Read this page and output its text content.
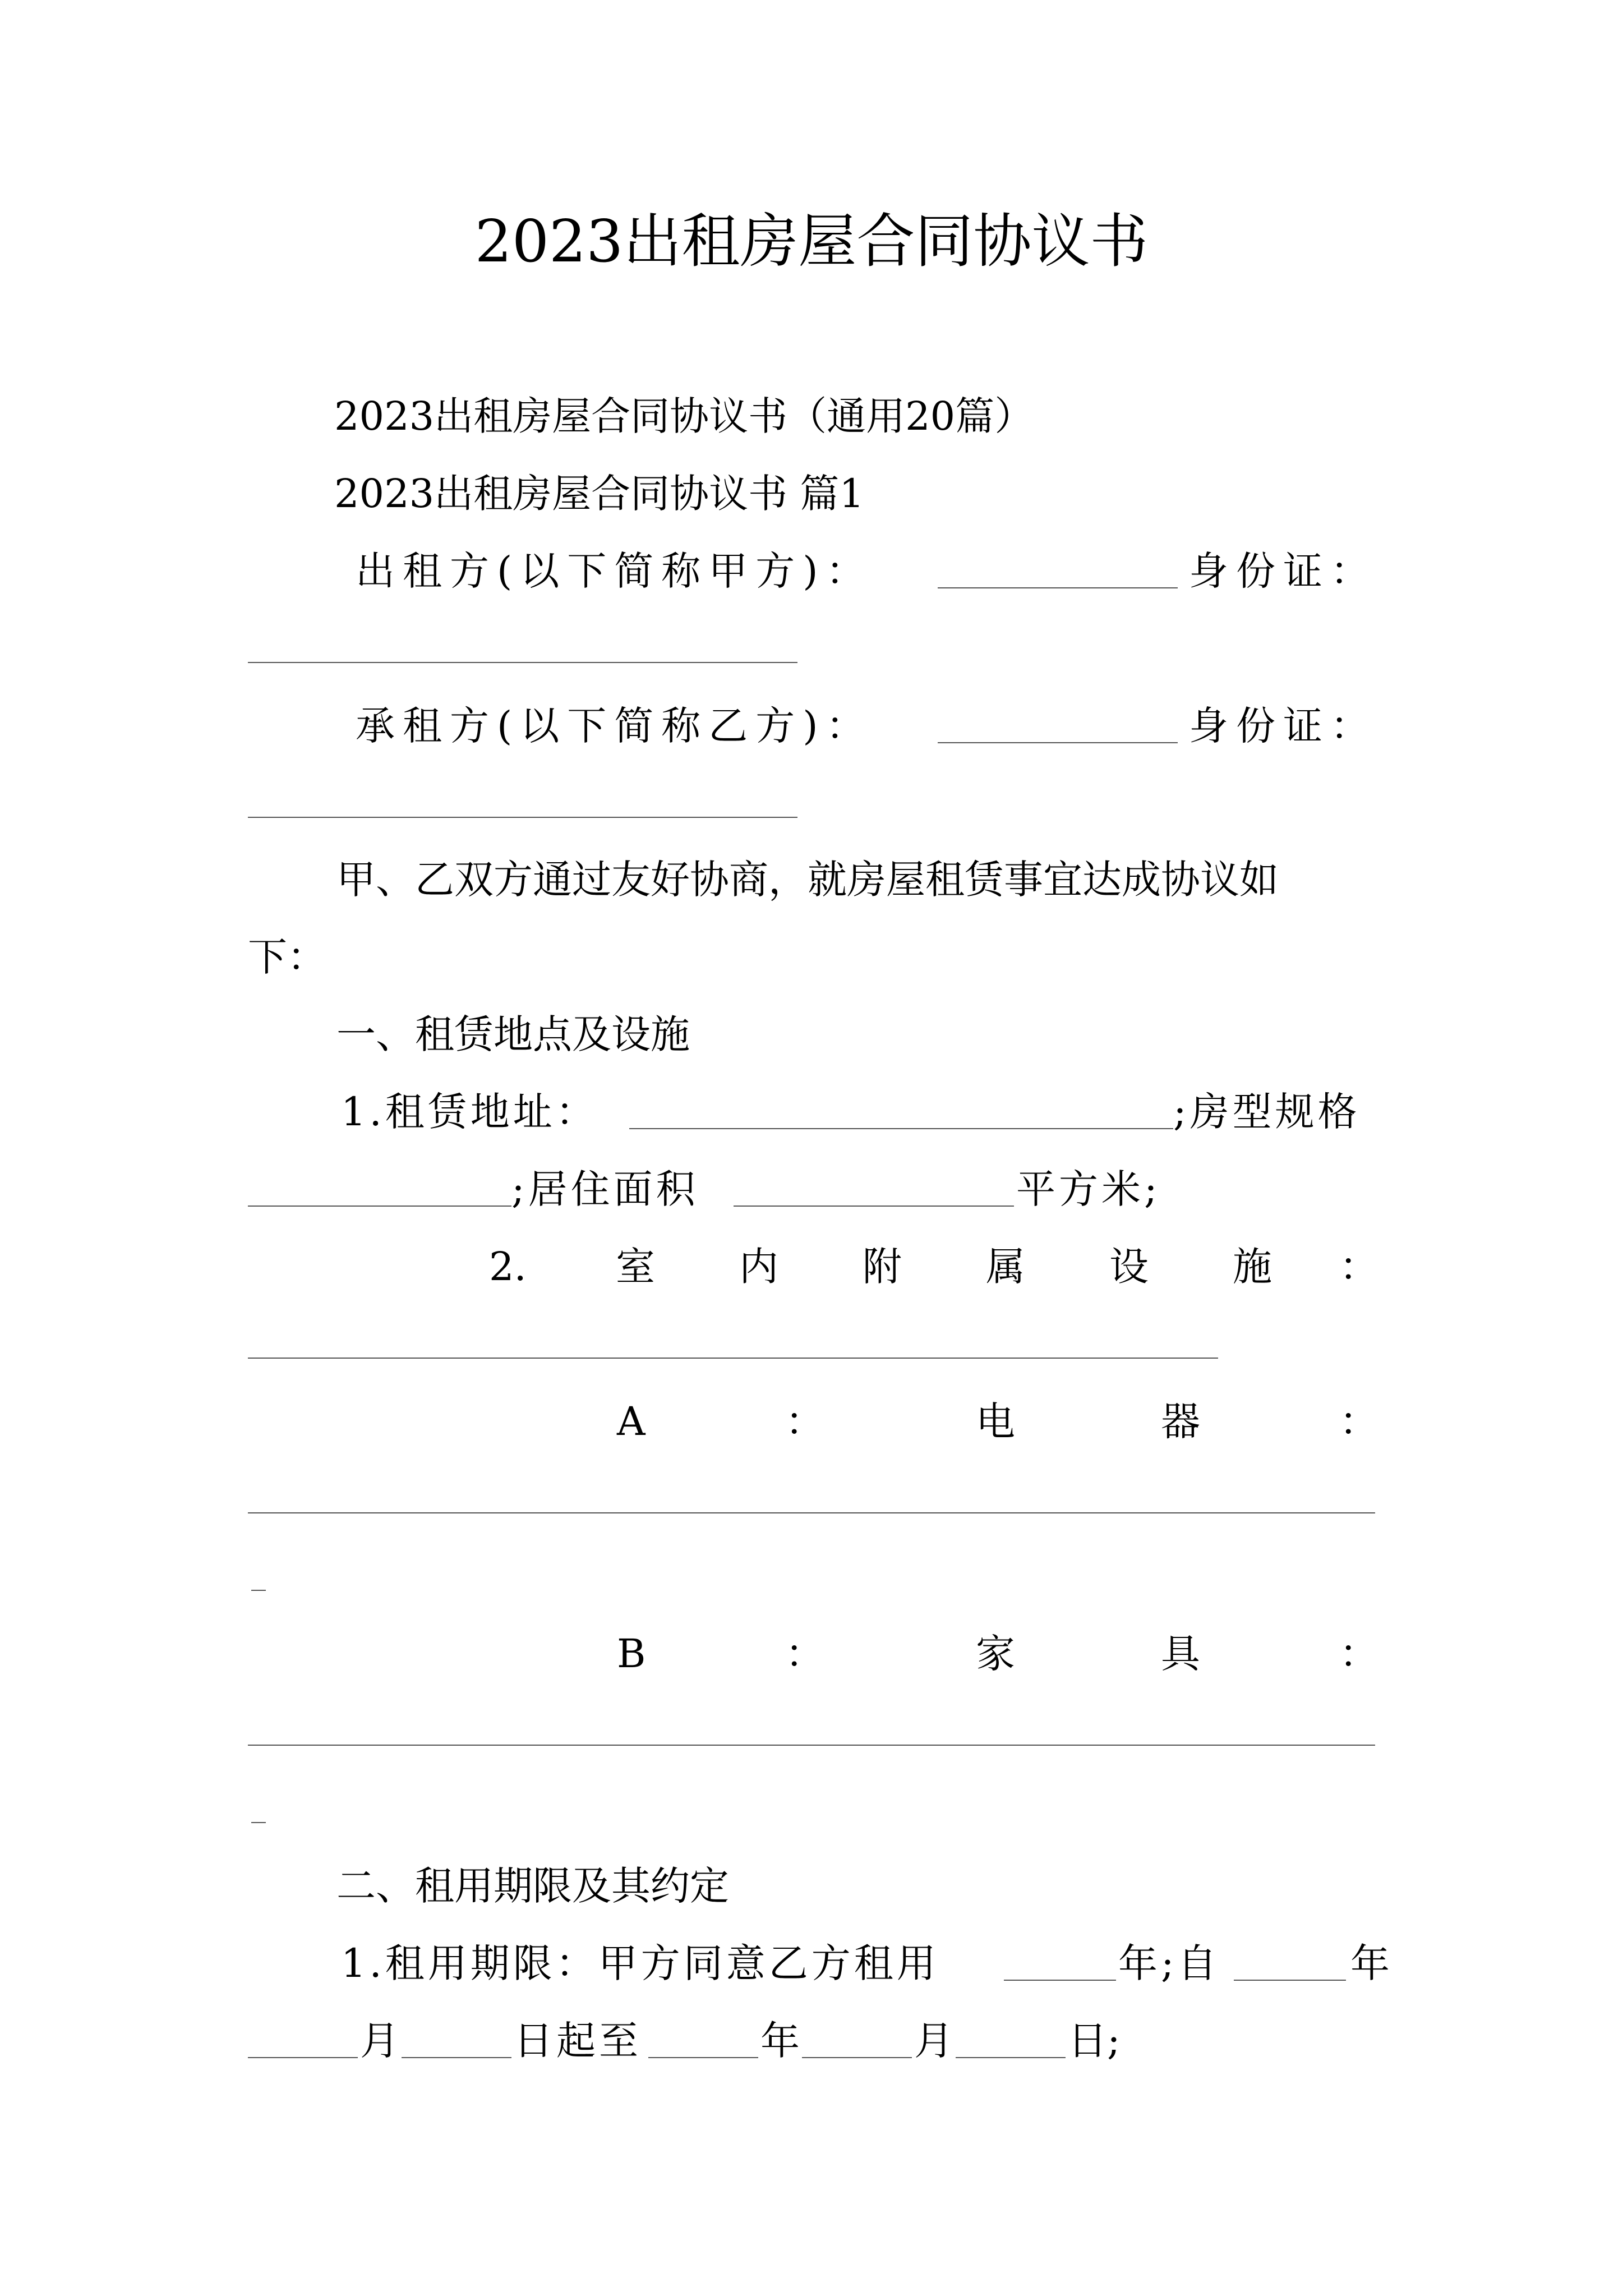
2023出租房屋合同协议书
2023出租房屋合同协议书（通用20篇）
2023出租房屋合同协议书 篇1
出租方(以下简称甲方)：	身份证：
承租方(以下简称乙方)：	身份证：
甲、乙双方通过友好协商，就房屋租赁事宜达成协议如
下：
一、租赁地点及设施
1.租赁地址：	;房型规格
;居住面积	平方米;
2. 室 内 附 属 设 施 ：
A	：	电	器	：
B	：	家	具	：
二、租用期限及其约定
1.租用期限：甲方同意乙方租用	年;自	年
月	日起至	年	月	日;
